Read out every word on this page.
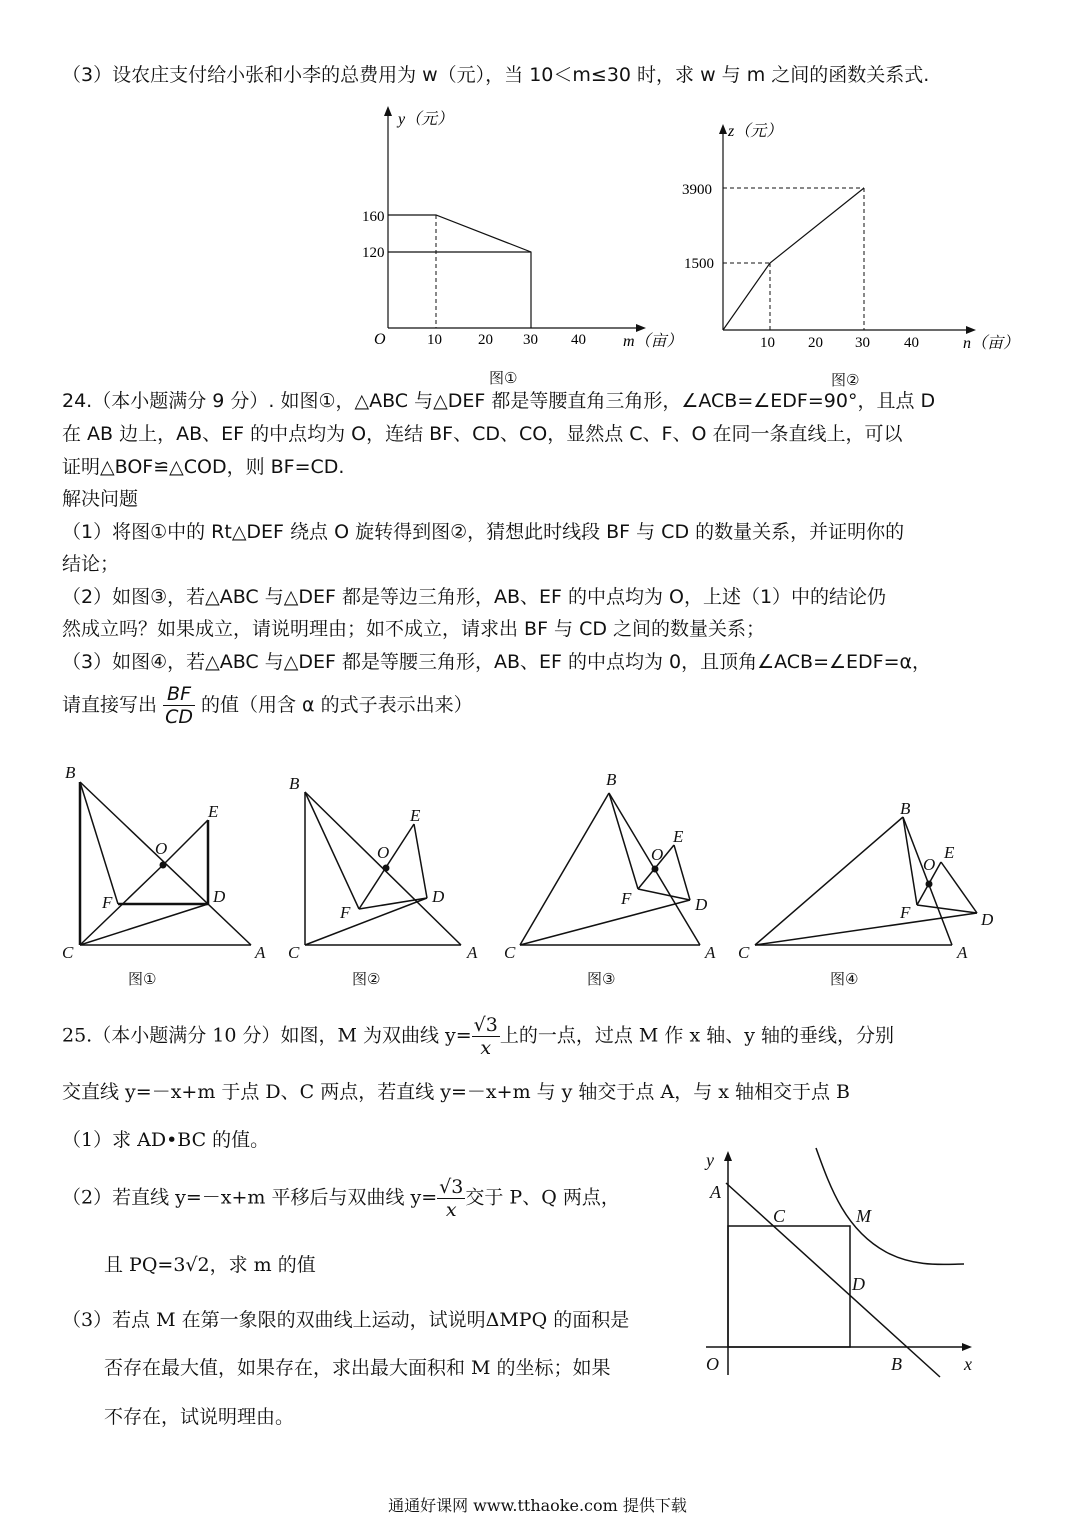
（3）设农庄支付给小张和小李的总费用为 w（元），当 10＜m≤30 时，求 w 与 m 之间的函数关系式.
y（元）
m（亩）
O
160
120
10 20 30 40
图①
z（元）
n（亩）
3900
1500
10 20 30 40
图②
24.（本小题满分 9 分）. 如图①，△ABC 与△DEF 都是等腰直角三角形，∠ACB=∠EDF=90°，且点 D
在 AB 边上，AB、EF 的中点均为 O，连结 BF、CD、CO，显然点 C、F、O 在同一条直线上，可以
证明△BOF≌△COD，则 BF=CD.
解决问题
（1）将图①中的 Rt△DEF 绕点 O 旋转得到图②，猜想此时线段 BF 与 CD 的数量关系，并证明你的
结论；
（2）如图③，若△ABC 与△DEF 都是等边三角形，AB、EF 的中点均为 O，上述（1）中的结论仍
然成立吗？如果成立，请说明理由；如不成立，请求出 BF 与 CD 之间的数量关系；
（3）如图④，若△ABC 与△DEF 都是等腰三角形，AB、EF 的中点均为 0，且顶角∠ACB=∠EDF=α，
请直接写出 $\frac{BF}{CD}$ 的值（用含 α 的式子表示出来）
B
E
O
F	D
C	A
B
E
O
F
D
C	A
B
E
O
F	D
C	A
B
E
O
F	D
C	A
图①	图②	图③	图④
25.（本小题满分 10 分）如图，M 为双曲线 $y= \frac{√3}{x}$ 上的一点，过点 M 作 x 轴、y 轴的垂线，分别
交直线 y=－x+m 于点 D、C 两点，若直线 y=－x+m 与 y 轴交于点 A，与 x 轴相交于点 B
（1）求 AD•BC 的值。
（2）若直线 y=－x+m 平移后与双曲线 $y= \frac{√3}{x}$ 交于 P、Q 两点，
且 PQ=3√2，求 m 的值
（3）若点 M 在第一象限的双曲线上运动，试说明ΔMPQ 的面积是
否存在最大值，如果存在，求出最大面积和 M 的坐标；如果
不存在，试说明理由。
y
A
C	M
D
O	B	x
通通好课网 www.tthaoke.com 提供下载
